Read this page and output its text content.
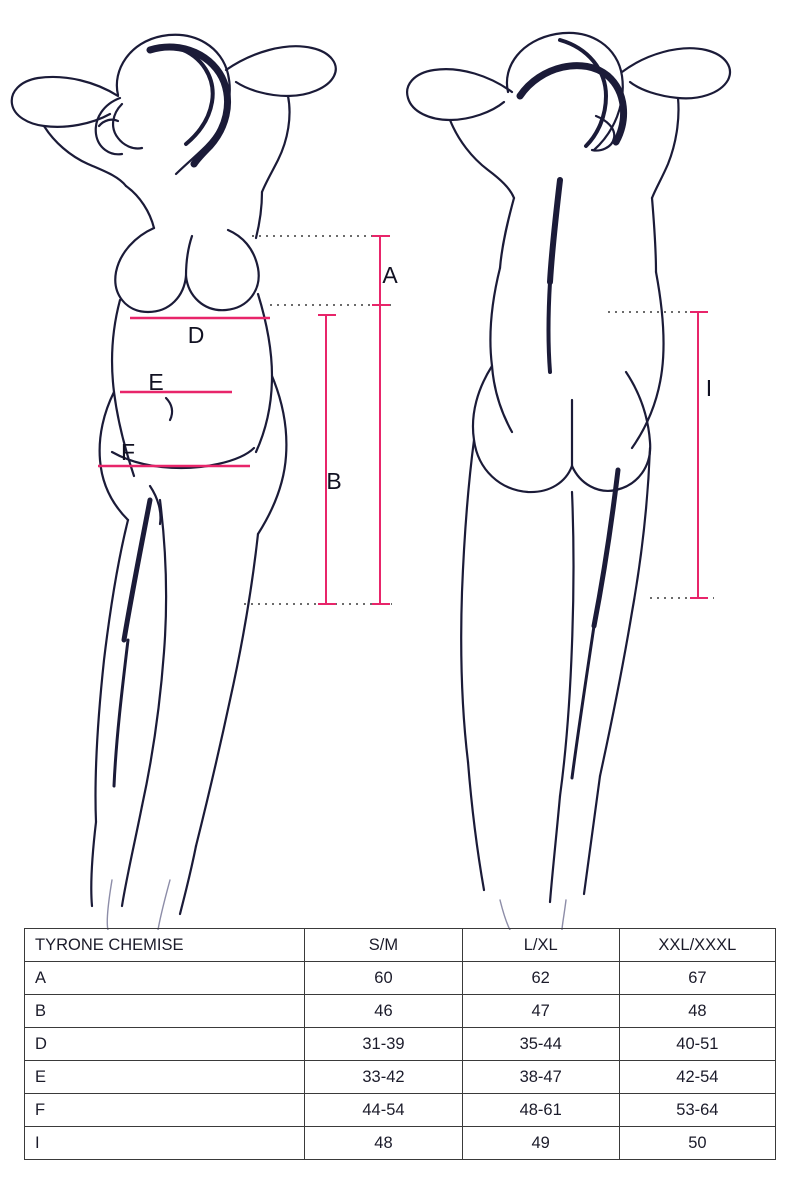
A
D
E
B
F
I
TYRONE CHEMISE	S/M	L/XL	XXL/XXXL
A	60	62	67
B	46	47	48
D	31-39	35-44	40-51
E	33-42	38-47	42-54
F	44-54	48-61	53-64
I	48	49	50
